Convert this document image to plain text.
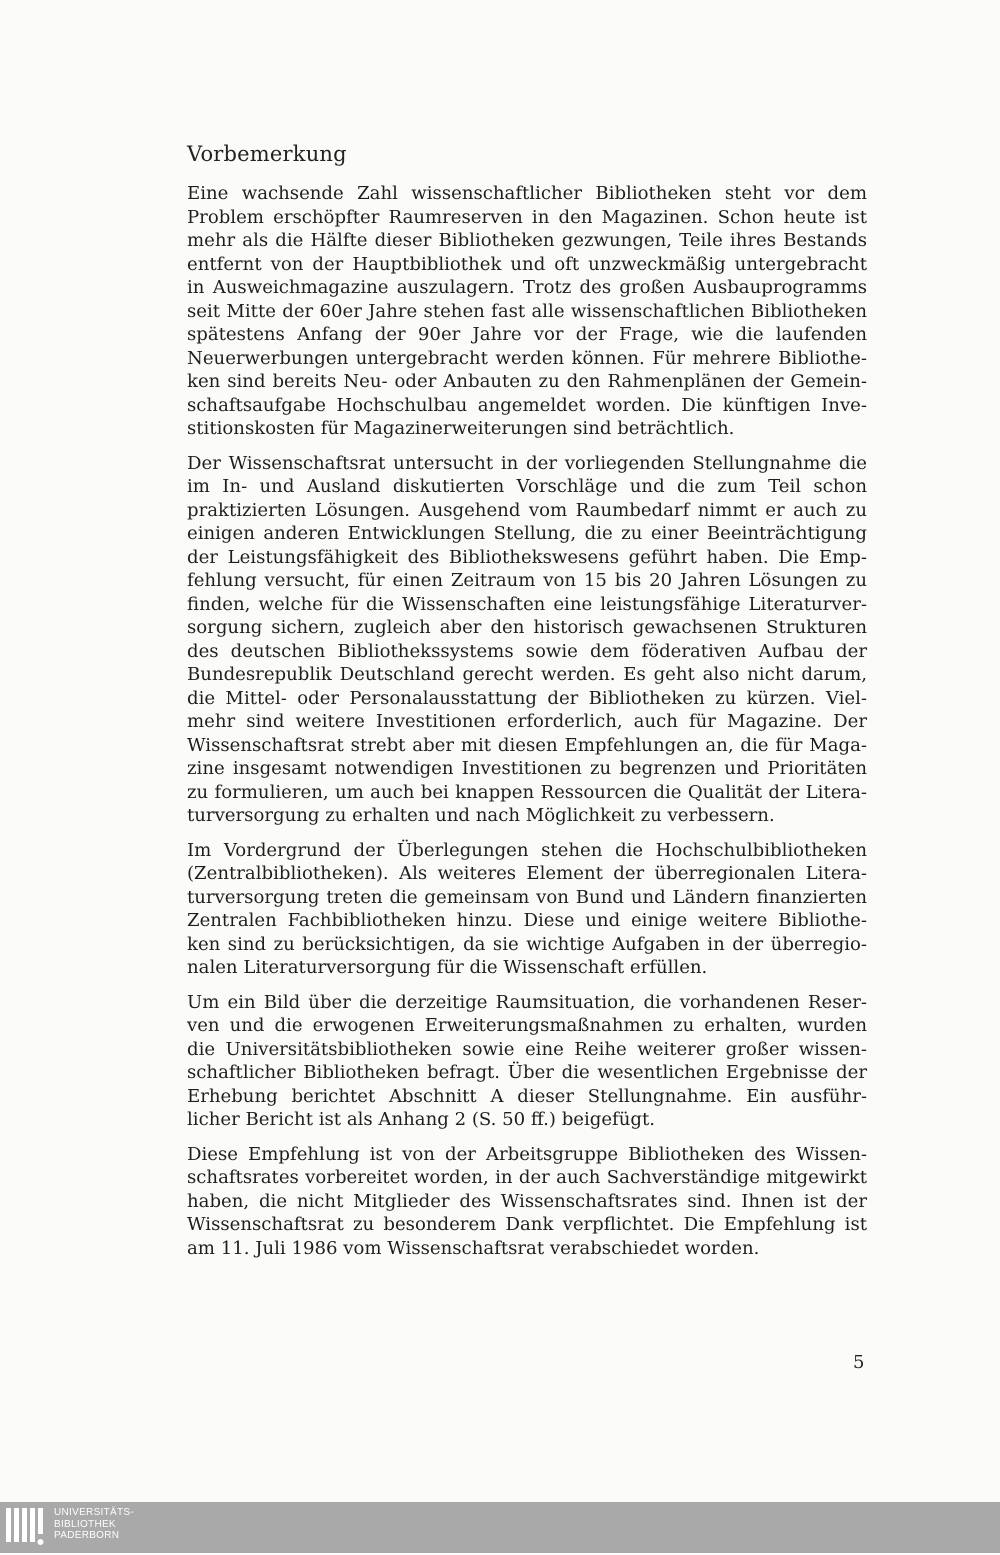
Vorbemerkung
Eine wachsende Zahl wissenschaftlicher Bibliotheken steht vor dem
Problem erschöpfter Raumreserven in den Magazinen. Schon heute ist
mehr als die Hälfte dieser Bibliotheken gezwungen, Teile ihres Bestands
entfernt von der Hauptbibliothek und oft unzweckmäßig untergebracht
in Ausweichmagazine auszulagern. Trotz des großen Ausbauprogramms
seit Mitte der 60er Jahre stehen fast alle wissenschaftlichen Bibliotheken
spätestens Anfang der 90er Jahre vor der Frage, wie die laufenden
Neuerwerbungen untergebracht werden können. Für mehrere Bibliothe-
ken sind bereits Neu- oder Anbauten zu den Rahmenplänen der Gemein-
schaftsaufgabe Hochschulbau angemeldet worden. Die künftigen Inve-
stitionskosten für Magazinerweiterungen sind beträchtlich.
Der Wissenschaftsrat untersucht in der vorliegenden Stellungnahme die
im In- und Ausland diskutierten Vorschläge und die zum Teil schon
praktizierten Lösungen. Ausgehend vom Raumbedarf nimmt er auch zu
einigen anderen Entwicklungen Stellung, die zu einer Beeinträchtigung
der Leistungsfähigkeit des Bibliothekswesens geführt haben. Die Emp-
fehlung versucht, für einen Zeitraum von 15 bis 20 Jahren Lösungen zu
finden, welche für die Wissenschaften eine leistungsfähige Literaturver-
sorgung sichern, zugleich aber den historisch gewachsenen Strukturen
des deutschen Bibliothekssystems sowie dem föderativen Aufbau der
Bundesrepublik Deutschland gerecht werden. Es geht also nicht darum,
die Mittel- oder Personalausstattung der Bibliotheken zu kürzen. Viel-
mehr sind weitere Investitionen erforderlich, auch für Magazine. Der
Wissenschaftsrat strebt aber mit diesen Empfehlungen an, die für Maga-
zine insgesamt notwendigen Investitionen zu begrenzen und Prioritäten
zu formulieren, um auch bei knappen Ressourcen die Qualität der Litera-
turversorgung zu erhalten und nach Möglichkeit zu verbessern.
Im Vordergrund der Überlegungen stehen die Hochschulbibliotheken
(Zentralbibliotheken). Als weiteres Element der überregionalen Litera-
turversorgung treten die gemeinsam von Bund und Ländern finanzierten
Zentralen Fachbibliotheken hinzu. Diese und einige weitere Bibliothe-
ken sind zu berücksichtigen, da sie wichtige Aufgaben in der überregio-
nalen Literaturversorgung für die Wissenschaft erfüllen.
Um ein Bild über die derzeitige Raumsituation, die vorhandenen Reser-
ven und die erwogenen Erweiterungsmaßnahmen zu erhalten, wurden
die Universitätsbibliotheken sowie eine Reihe weiterer großer wissen-
schaftlicher Bibliotheken befragt. Über die wesentlichen Ergebnisse der
Erhebung berichtet Abschnitt A dieser Stellungnahme. Ein ausführ-
licher Bericht ist als Anhang 2 (S. 50 ff.) beigefügt.
Diese Empfehlung ist von der Arbeitsgruppe Bibliotheken des Wissen-
schaftsrates vorbereitet worden, in der auch Sachverständige mitgewirkt
haben, die nicht Mitglieder des Wissenschaftsrates sind. Ihnen ist der
Wissenschaftsrat zu besonderem Dank verpflichtet. Die Empfehlung ist
am 11. Juli 1986 vom Wissenschaftsrat verabschiedet worden.
5
UNIVERSITÄTS-
BIBLIOTHEK
PADERBORN
